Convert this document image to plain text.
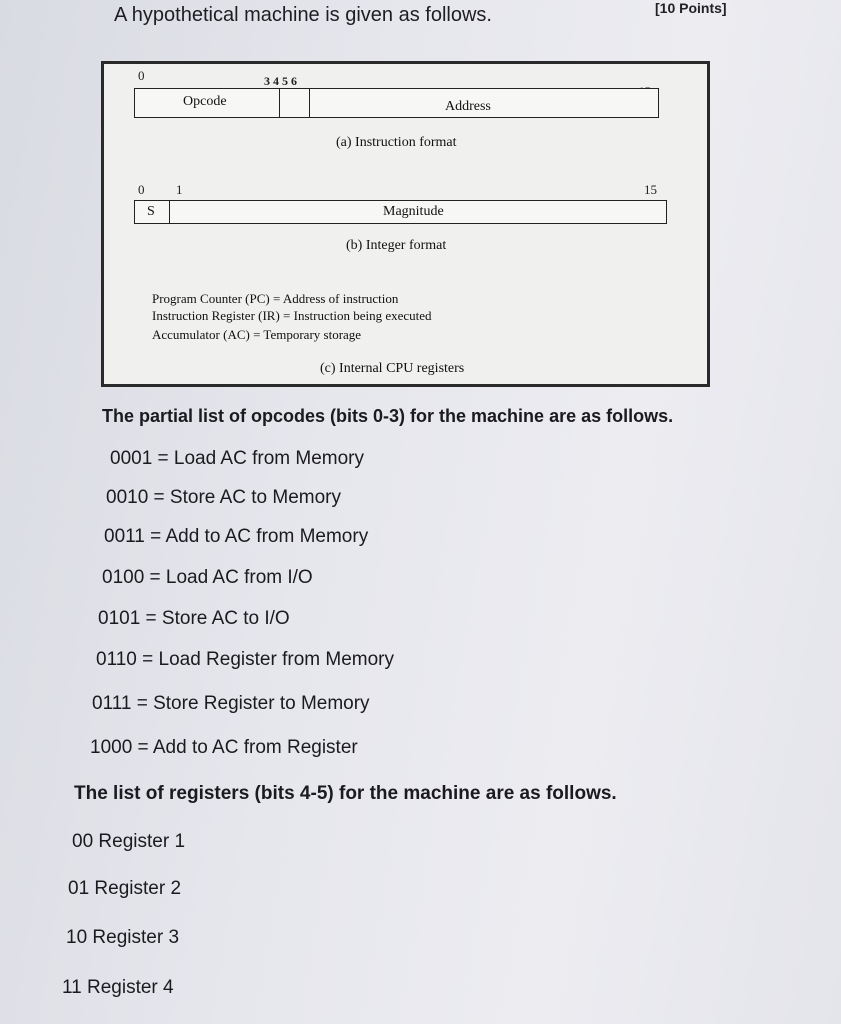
A hypothetical machine is given as follows.	[10 Points]
0	3 4 5 6
Opcode	Address
(a) Instruction format
0 1	15
S	Magnitude
(b) Integer format
Program Counter (PC) = Address of instruction
Instruction Register (IR) = Instruction being executed
Accumulator (AC) = Temporary storage
(c) Internal CPU registers
The partial list of opcodes (bits 0-3) for the machine are as follows.
0001 = Load AC from Memory
0010 = Store AC to Memory
0011 = Add to AC from Memory
0100 = Load AC from I/O
0101 = Store AC to I/O
0110 = Load Register from Memory
0111 = Store Register to Memory
1000 = Add to AC from Register
The list of registers (bits 4-5) for the machine are as follows.
00 Register 1
01 Register 2
10 Register 3
11 Register 4
